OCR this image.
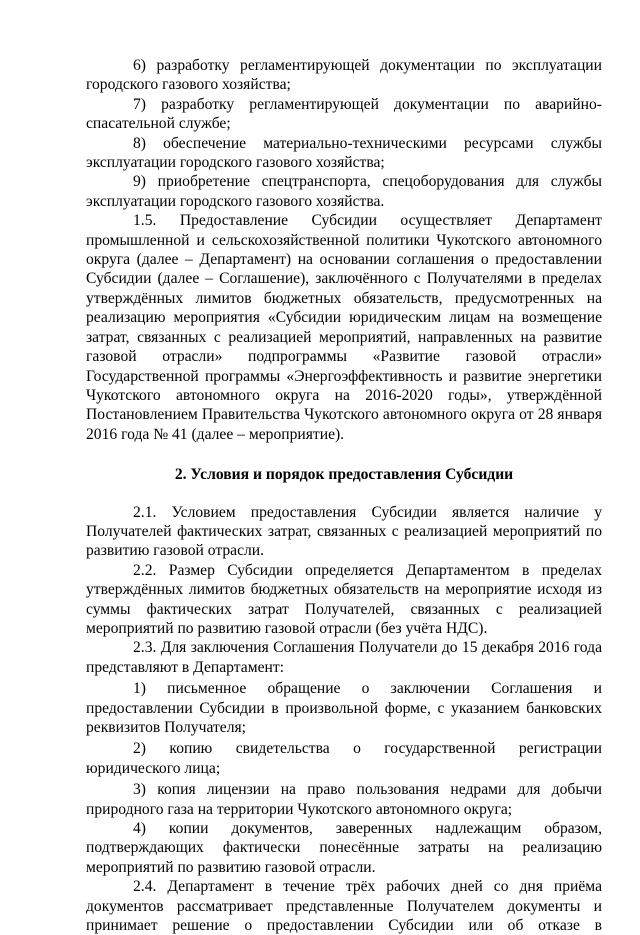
6) разработку регламентирующей документации по эксплуатации городского газового хозяйства;

7) разработку регламентирующей документации по аварийно-спасательной службе;

8) обеспечение материально-техническими ресурсами службы эксплуатации городского газового хозяйства;

9) приобретение спецтранспорта, спецоборудования для службы эксплуатации городского газового хозяйства.

1.5. Предоставление Субсидии осуществляет Департамент промышленной и сельскохозяйственной политики Чукотского автономного округа (далее – Департамент) на основании соглашения о предоставлении Субсидии (далее – Соглашение), заключённого с Получателями в пределах утверждённых лимитов бюджетных обязательств, предусмотренных на реализацию мероприятия «Субсидии юридическим лицам на возмещение затрат, связанных с реализацией мероприятий, направленных на развитие газовой отрасли» подпрограммы «Развитие газовой отрасли» Государственной программы «Энергоэффективность и развитие энергетики Чукотского автономного округа на 2016-2020 годы», утверждённой Постановлением Правительства Чукотского автономного округа от 28 января 2016 года № 41 (далее – мероприятие).

2. Условия и порядок предоставления Субсидии

2.1. Условием предоставления Субсидии является наличие у Получателей фактических затрат, связанных с реализацией мероприятий по развитию газовой отрасли.

2.2. Размер Субсидии определяется Департаментом в пределах утверждённых лимитов бюджетных обязательств на мероприятие исходя из суммы фактических затрат Получателей, связанных с реализацией мероприятий по развитию газовой отрасли (без учёта НДС).

2.3. Для заключения Соглашения Получатели до 15 декабря 2016 года представляют в Департамент:

1) письменное обращение о заключении Соглашения и предоставлении Субсидии в произвольной форме, с указанием банковских реквизитов Получателя;

2) копию свидетельства о государственной регистрации юридического лица;

3) копия лицензии на право пользования недрами для добычи природного газа на территории Чукотского автономного округа;

4) копии документов, заверенных надлежащим образом, подтверждающих фактически понесённые затраты на реализацию мероприятий по развитию газовой отрасли.

2.4. Департамент в течение трёх рабочих дней со дня приёма документов рассматривает представленные Получателем документы и принимает решение о предоставлении Субсидии или об отказе в
